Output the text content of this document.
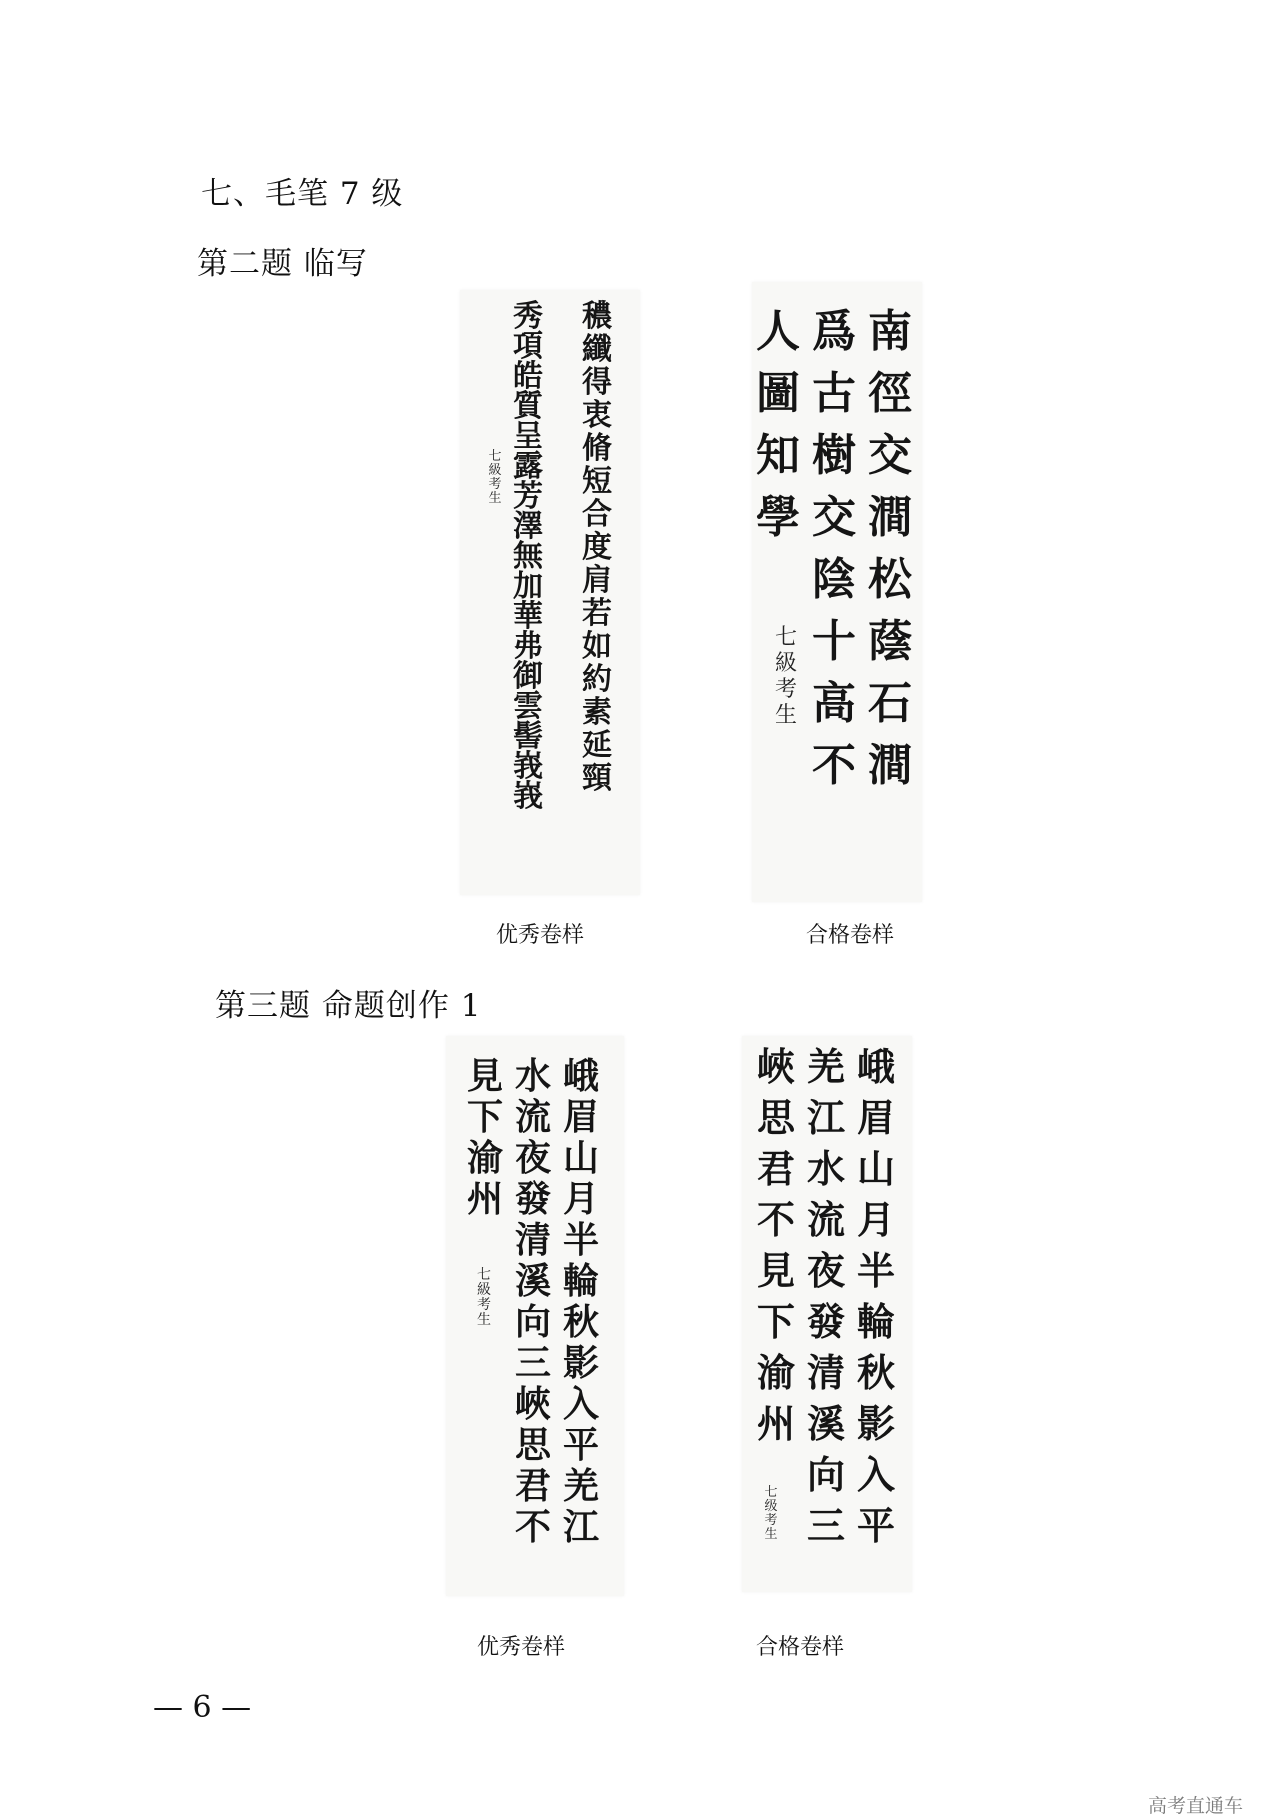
七、毛笔 7 级
第二题 临写
穠
纖
得
衷
脩
短
合
度
肩
若
如
約
素
延
頸
秀
項
皓
質
呈
露
芳
澤
無
加
華
弗
御
雲
髻
峩
峩
七
級
考
生
优秀卷样
南
徑
交
澗
松
蔭
石
澗
爲
古
樹
交
陰
十
高
不
人
圖
知
學
七
級
考
生
合格卷样
第三题 命题创作 1
峨
眉
山
月
半
輪
秋
影
入
平
羌
江
水
流
夜
發
清
溪
向
三
峽
思
君
不
見
下
渝
州
七
級
考
生
优秀卷样
峨
眉
山
月
半
輪
秋
影
入
平
羌
江
水
流
夜
發
清
溪
向
三
峽
思
君
不
見
下
渝
州
七
级
考
生
合格卷样
— 6 —
高考直通车
